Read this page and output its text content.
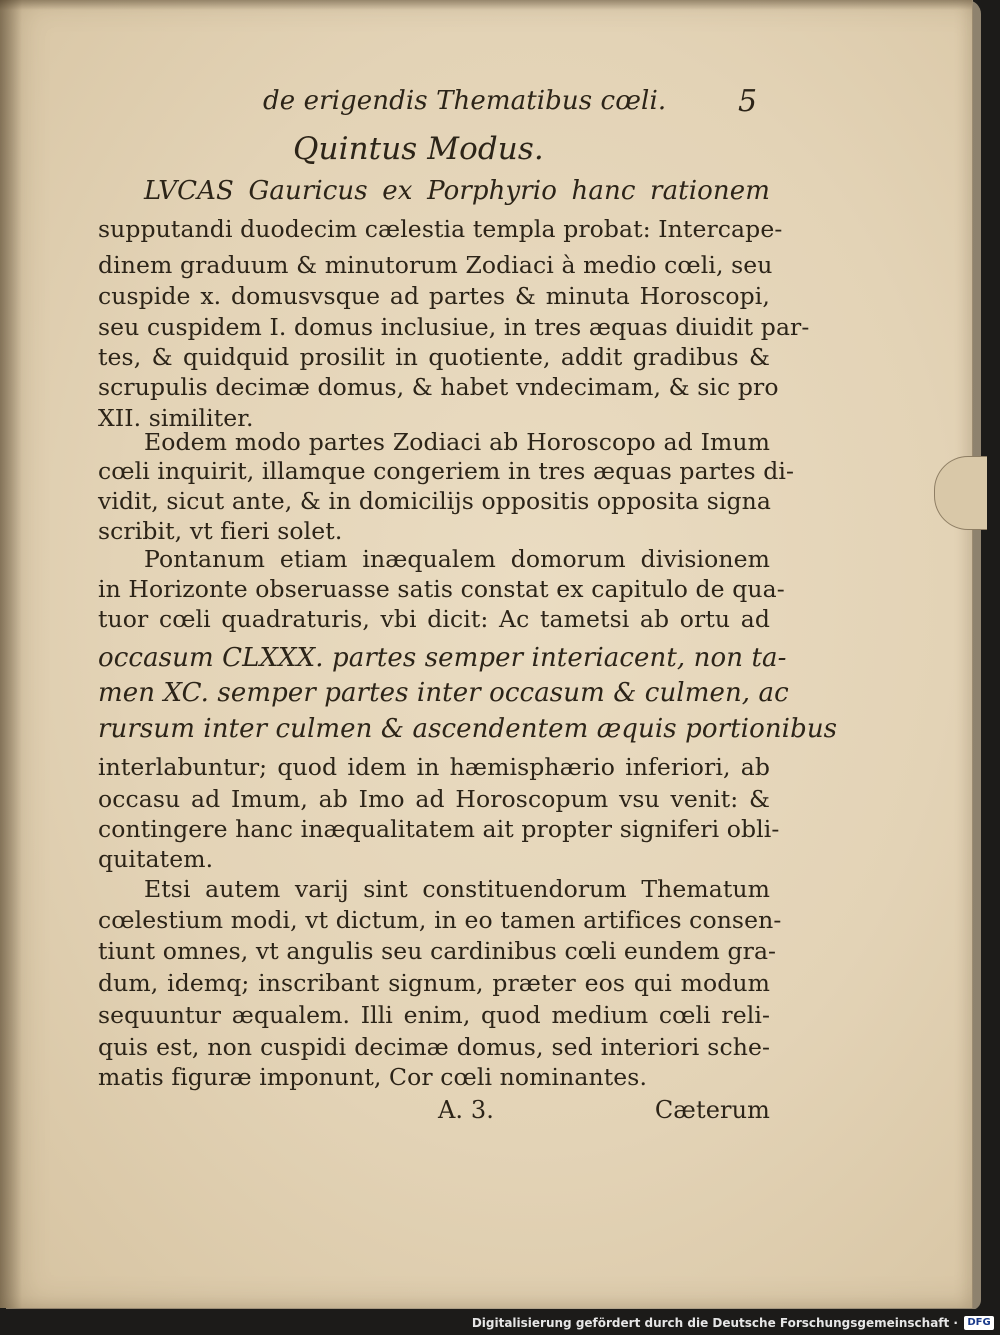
de erigendis Thematibus cœli. 5
Quintus Modus.
LVCAS Gauricus ex Porphyrio hanc rationem
supputandi duodecim cælestia templa probat: Intercape-
dinem graduum & minutorum Zodiaci à medio cœli, seu
cuspide x. domusvsque ad partes & minuta Horoscopi,
seu cuspidem I. domus inclusiue, in tres æquas diuidit par-
tes, & quidquid prosilit in quotiente, addit gradibus &
scrupulis decimæ domus, & habet vndecimam, & sic pro
XII. similiter.
Eodem modo partes Zodiaci ab Horoscopo ad Imum
cœli inquirit, illamque congeriem in tres æquas partes di-
vidit, sicut ante, & in domicilijs oppositis opposita signa
scribit, vt fieri solet.
Pontanum etiam inæqualem domorum divisionem
in Horizonte obseruasse satis constat ex capitulo de qua-
tuor cœli quadraturis, vbi dicit: Ac tametsi ab ortu ad
occasum CLXXX. partes semper interiacent, non ta-
men XC. semper partes inter occasum & culmen, ac
rursum inter culmen & ascendentem æquis portionibus
interlabuntur; quod idem in hæmisphærio inferiori, ab
occasu ad Imum, ab Imo ad Horoscopum vsu venit: &
contingere hanc inæqualitatem ait propter signiferi obli-
quitatem.
Etsi autem varij sint constituendorum Thematum
cœlestium modi, vt dictum, in eo tamen artifices consen-
tiunt omnes, vt angulis seu cardinibus cœli eundem gra-
dum, idemq; inscribant signum, præter eos qui modum
sequuntur æqualem. Illi enim, quod medium cœli reli-
quis est, non cuspidi decimæ domus, sed interiori sche-
matis figuræ imponunt, Cor cœli nominantes.
A. 3.	Cæterum
Digitalisierung gefördert durch die Deutsche Forschungsgemeinschaft · DFG
